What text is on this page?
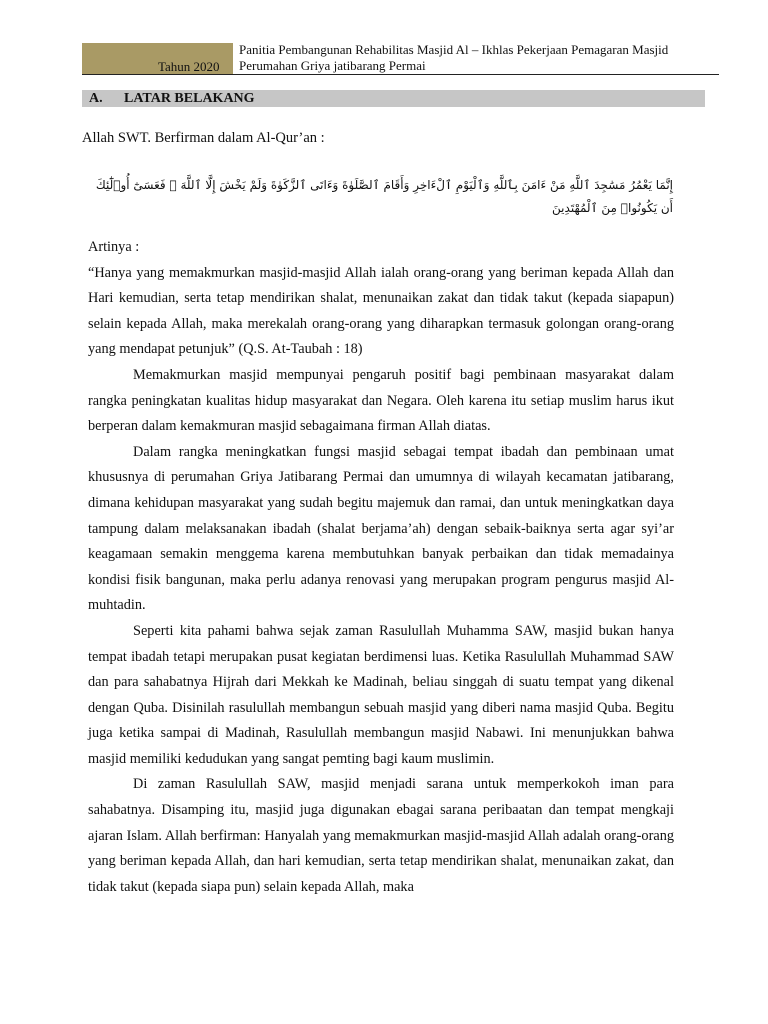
Tahun 2020
Panitia Pembangunan Rehabilitas Masjid Al – Ikhlas Pekerjaan Pemagaran Masjid
Perumahan Griya jatibarang Permai
A. LATAR BELAKANG
Allah SWT. Berfirman dalam Al-Qur’an :
إِنَّمَا يَعْمُرُ مَسَٰجِدَ ٱللَّهِ مَنْ ءَامَنَ بِٱللَّهِ وَٱلْيَوْمِ ٱلْءَاخِرِ وَأَقَامَ ٱلصَّلَوٰةَ وَءَاتَى ٱلزَّكَوٰةَ وَلَمْ يَخْشَ إِلَّا ٱللَّهَ ۖ فَعَسَىٰٓ أُو۟لَٰٓئِكَ أَن يَكُونُوا۟ مِنَ ٱلْمُهْتَدِينَ

Artinya :

“Hanya yang memakmurkan masjid-masjid Allah ialah orang-orang yang beriman kepada Allah dan Hari kemudian, serta tetap mendirikan shalat, menunaikan zakat dan tidak takut (kepada siapapun) selain kepada Allah, maka merekalah orang-orang yang diharapkan termasuk golongan orang-orang yang mendapat petunjuk” (Q.S. At-Taubah : 18)

Memakmurkan masjid mempunyai pengaruh positif bagi pembinaan masyarakat dalam rangka peningkatan kualitas hidup masyarakat dan Negara. Oleh karena itu setiap muslim harus ikut berperan dalam kemakmuran masjid sebagaimana firman Allah diatas.

Dalam rangka meningkatkan fungsi masjid sebagai tempat ibadah dan pembinaan umat khususnya di perumahan Griya Jatibarang Permai dan umumnya di wilayah kecamatan jatibarang, dimana kehidupan masyarakat yang sudah begitu majemuk dan ramai, dan untuk meningkatkan daya tampung dalam melaksanakan ibadah (shalat berjama’ah) dengan sebaik-baiknya serta agar syi’ar keagamaan semakin menggema karena membutuhkan banyak perbaikan dan tidak memadainya kondisi fisik bangunan, maka perlu adanya renovasi yang merupakan program pengurus masjid Al-muhtadin.

Seperti kita pahami bahwa sejak zaman Rasulullah Muhamma SAW, masjid bukan hanya tempat ibadah tetapi merupakan pusat kegiatan berdimensi luas. Ketika Rasulullah Muhammad SAW dan para sahabatnya Hijrah dari Mekkah ke Madinah, beliau singgah di suatu tempat yang dikenal dengan Quba. Disinilah rasulullah membangun sebuah masjid yang diberi nama masjid Quba. Begitu juga ketika sampai di Madinah, Rasulullah membangun masjid Nabawi. Ini menunjukkan bahwa masjid memiliki kedudukan yang sangat pemting bagi kaum muslimin.

Di zaman Rasulullah SAW, masjid menjadi sarana untuk memperkokoh iman para sahabatnya. Disamping itu, masjid juga digunakan ebagai sarana peribaatan dan tempat mengkaji ajaran Islam. Allah berfirman: Hanyalah yang memakmurkan masjid-masjid Allah adalah orang-orang yang beriman kepada Allah, dan hari kemudian, serta tetap mendirikan shalat, menunaikan zakat, dan tidak takut (kepada siapa pun) selain kepada Allah, maka
